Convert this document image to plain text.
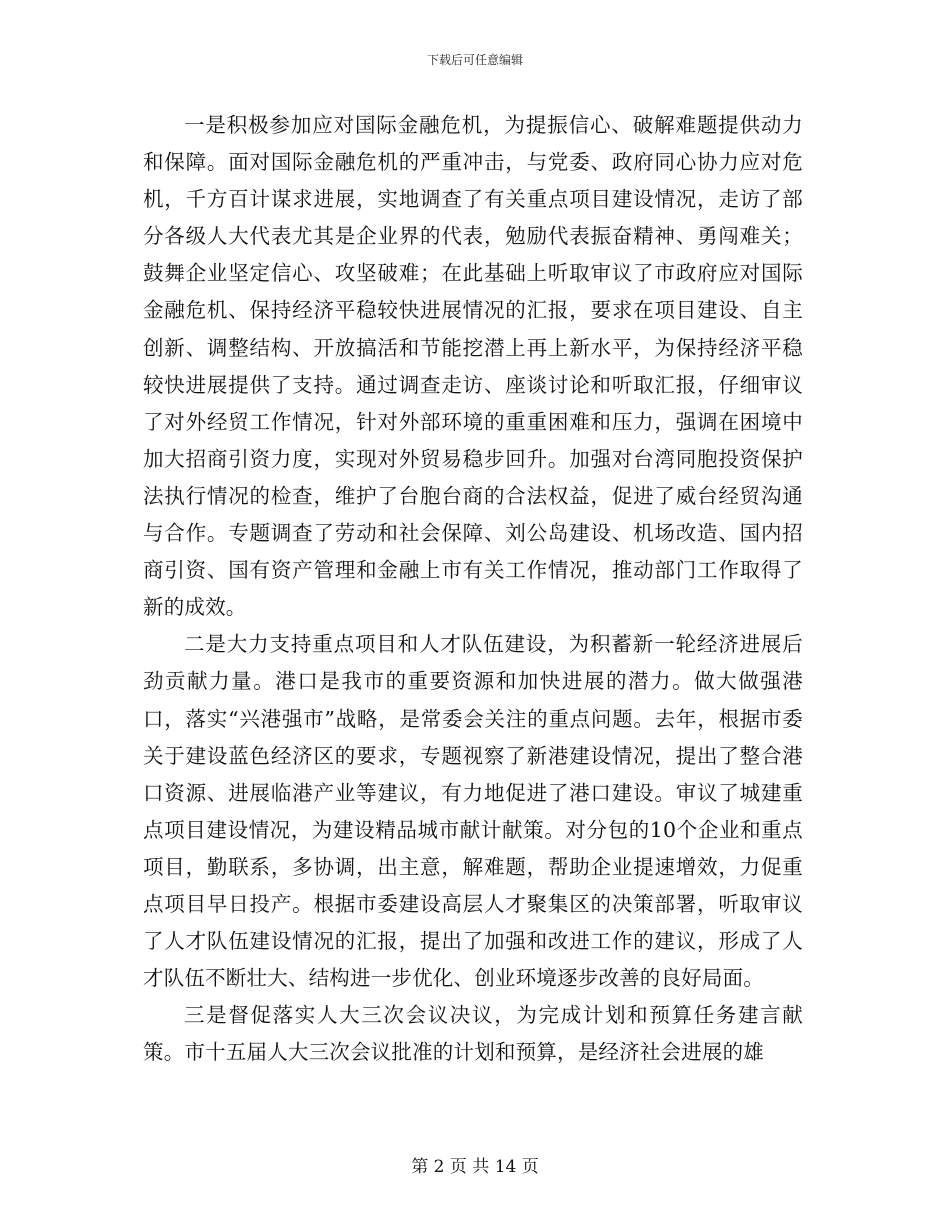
下载后可任意编辑

一是积极参加应对国际金融危机，为提振信心、破解难题提供动力和保障。面对国际金融危机的严重冲击，与党委、政府同心协力应对危机，千方百计谋求进展，实地调查了有关重点项目建设情况，走访了部分各级人大代表尤其是企业界的代表，勉励代表振奋精神、勇闯难关；鼓舞企业坚定信心、攻坚破难；在此基础上听取审议了市政府应对国际金融危机、保持经济平稳较快进展情况的汇报，要求在项目建设、自主创新、调整结构、开放搞活和节能挖潜上再上新水平，为保持经济平稳较快进展提供了支持。通过调查走访、座谈讨论和听取汇报，仔细审议了对外经贸工作情况，针对外部环境的重重困难和压力，强调在困境中加大招商引资力度，实现对外贸易稳步回升。加强对台湾同胞投资保护法执行情况的检查，维护了台胞台商的合法权益，促进了威台经贸沟通与合作。专题调查了劳动和社会保障、刘公岛建设、机场改造、国内招商引资、国有资产管理和金融上市有关工作情况，推动部门工作取得了新的成效。

二是大力支持重点项目和人才队伍建设，为积蓄新一轮经济进展后劲贡献力量。港口是我市的重要资源和加快进展的潜力。做大做强港口，落实“兴港强市”战略，是常委会关注的重点问题。去年，根据市委关于建设蓝色经济区的要求，专题视察了新港建设情况，提出了整合港口资源、进展临港产业等建议，有力地促进了港口建设。审议了城建重点项目建设情况，为建设精品城市献计献策。对分包的10个企业和重点项目，勤联系，多协调，出主意，解难题，帮助企业提速增效，力促重点项目早日投产。根据市委建设高层人才聚集区的决策部署，听取审议了人才队伍建设情况的汇报，提出了加强和改进工作的建议，形成了人才队伍不断壮大、结构进一步优化、创业环境逐步改善的良好局面。

三是督促落实人大三次会议决议，为完成计划和预算任务建言献策。市十五届人大三次会议批准的计划和预算，是经济社会进展的雄

第 2 页 共 14 页
